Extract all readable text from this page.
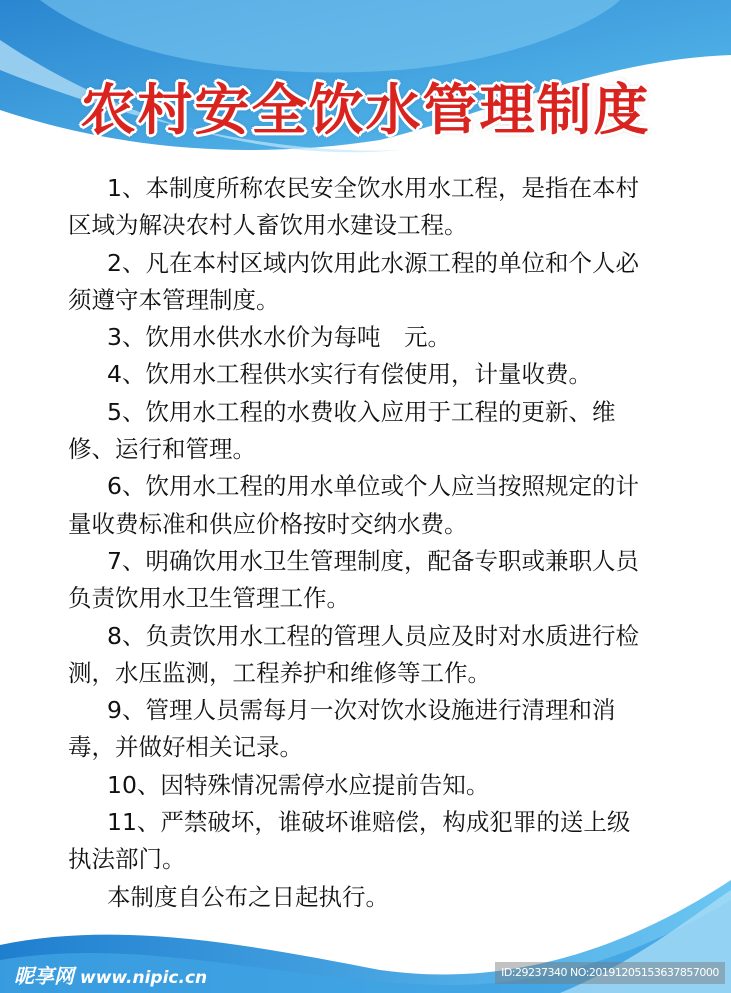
农村安全饮水管理制度
1、本制度所称农民安全饮水用水工程，是指在本村
区域为解决农村人畜饮用水建设工程。
2、凡在本村区域内饮用此水源工程的单位和个人必
须遵守本管理制度。
3、饮用水供水水价为每吨　元。
4、饮用水工程供水实行有偿使用，计量收费。
5、饮用水工程的水费收入应用于工程的更新、维
修、运行和管理。
6、饮用水工程的用水单位或个人应当按照规定的计
量收费标准和供应价格按时交纳水费。
7、明确饮用水卫生管理制度，配备专职或兼职人员
负责饮用水卫生管理工作。
8、负责饮用水工程的管理人员应及时对水质进行检
测，水压监测，工程养护和维修等工作。
9、管理人员需每月一次对饮水设施进行清理和消
毒，并做好相关记录。
10、因特殊情况需停水应提前告知。
11、严禁破坏，谁破坏谁赔偿，构成犯罪的送上级
执法部门。
本制度自公布之日起执行。
昵享网 www.nipic.cn	ID:29237340 NO:20191205153637857000
